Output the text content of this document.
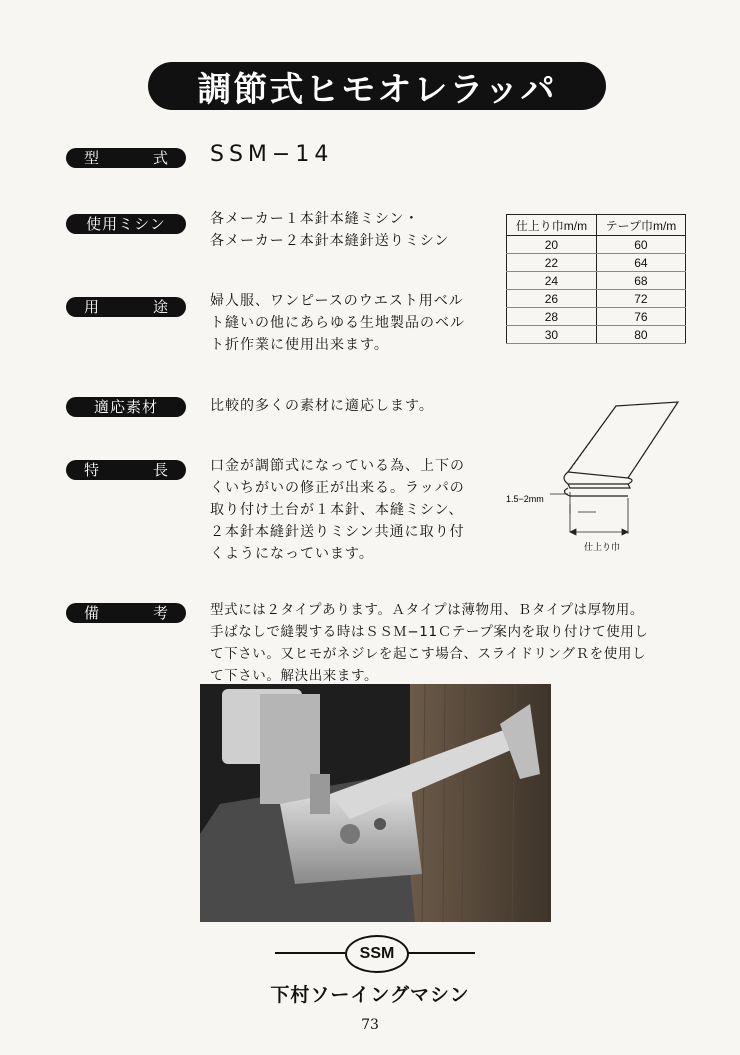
調節式ヒモオレラッパ
型	式 SSM−14
使用ミシン	各メーカー１本針本縫ミシン・
各メーカー２本針本縫針送りミシン
用	途	婦人服、ワンピースのウエスト用ベル
ト縫いの他にあらゆる生地製品のベル
ト折作業に使用出来ます。
適応素材	比較的多くの素材に適応します。
特	長	口金が調節式になっている為、上下の
くいちがいの修正が出来る。ラッパの
取り付け土台が１本針、本縫ミシン、
２本針本縫針送りミシン共通に取り付
くようになっています。
備	考	型式には２タイプあります。Ａタイプは薄物用、Ｂタイプは厚物用。
手ばなしで縫製する時はＳＳＭ−11Ｃテープ案内を取り付けて使用し
て下さい。又ヒモがネジレを起こす場合、スライドリングＲを使用し
て下さい。解決出来ます。
仕上り巾m/m	テープ巾m/m
20	60
22	64
24	68
26	72
28	76
30	80
1.5−2mm
仕上り巾
SSM
下村ソーイングマシン
73
